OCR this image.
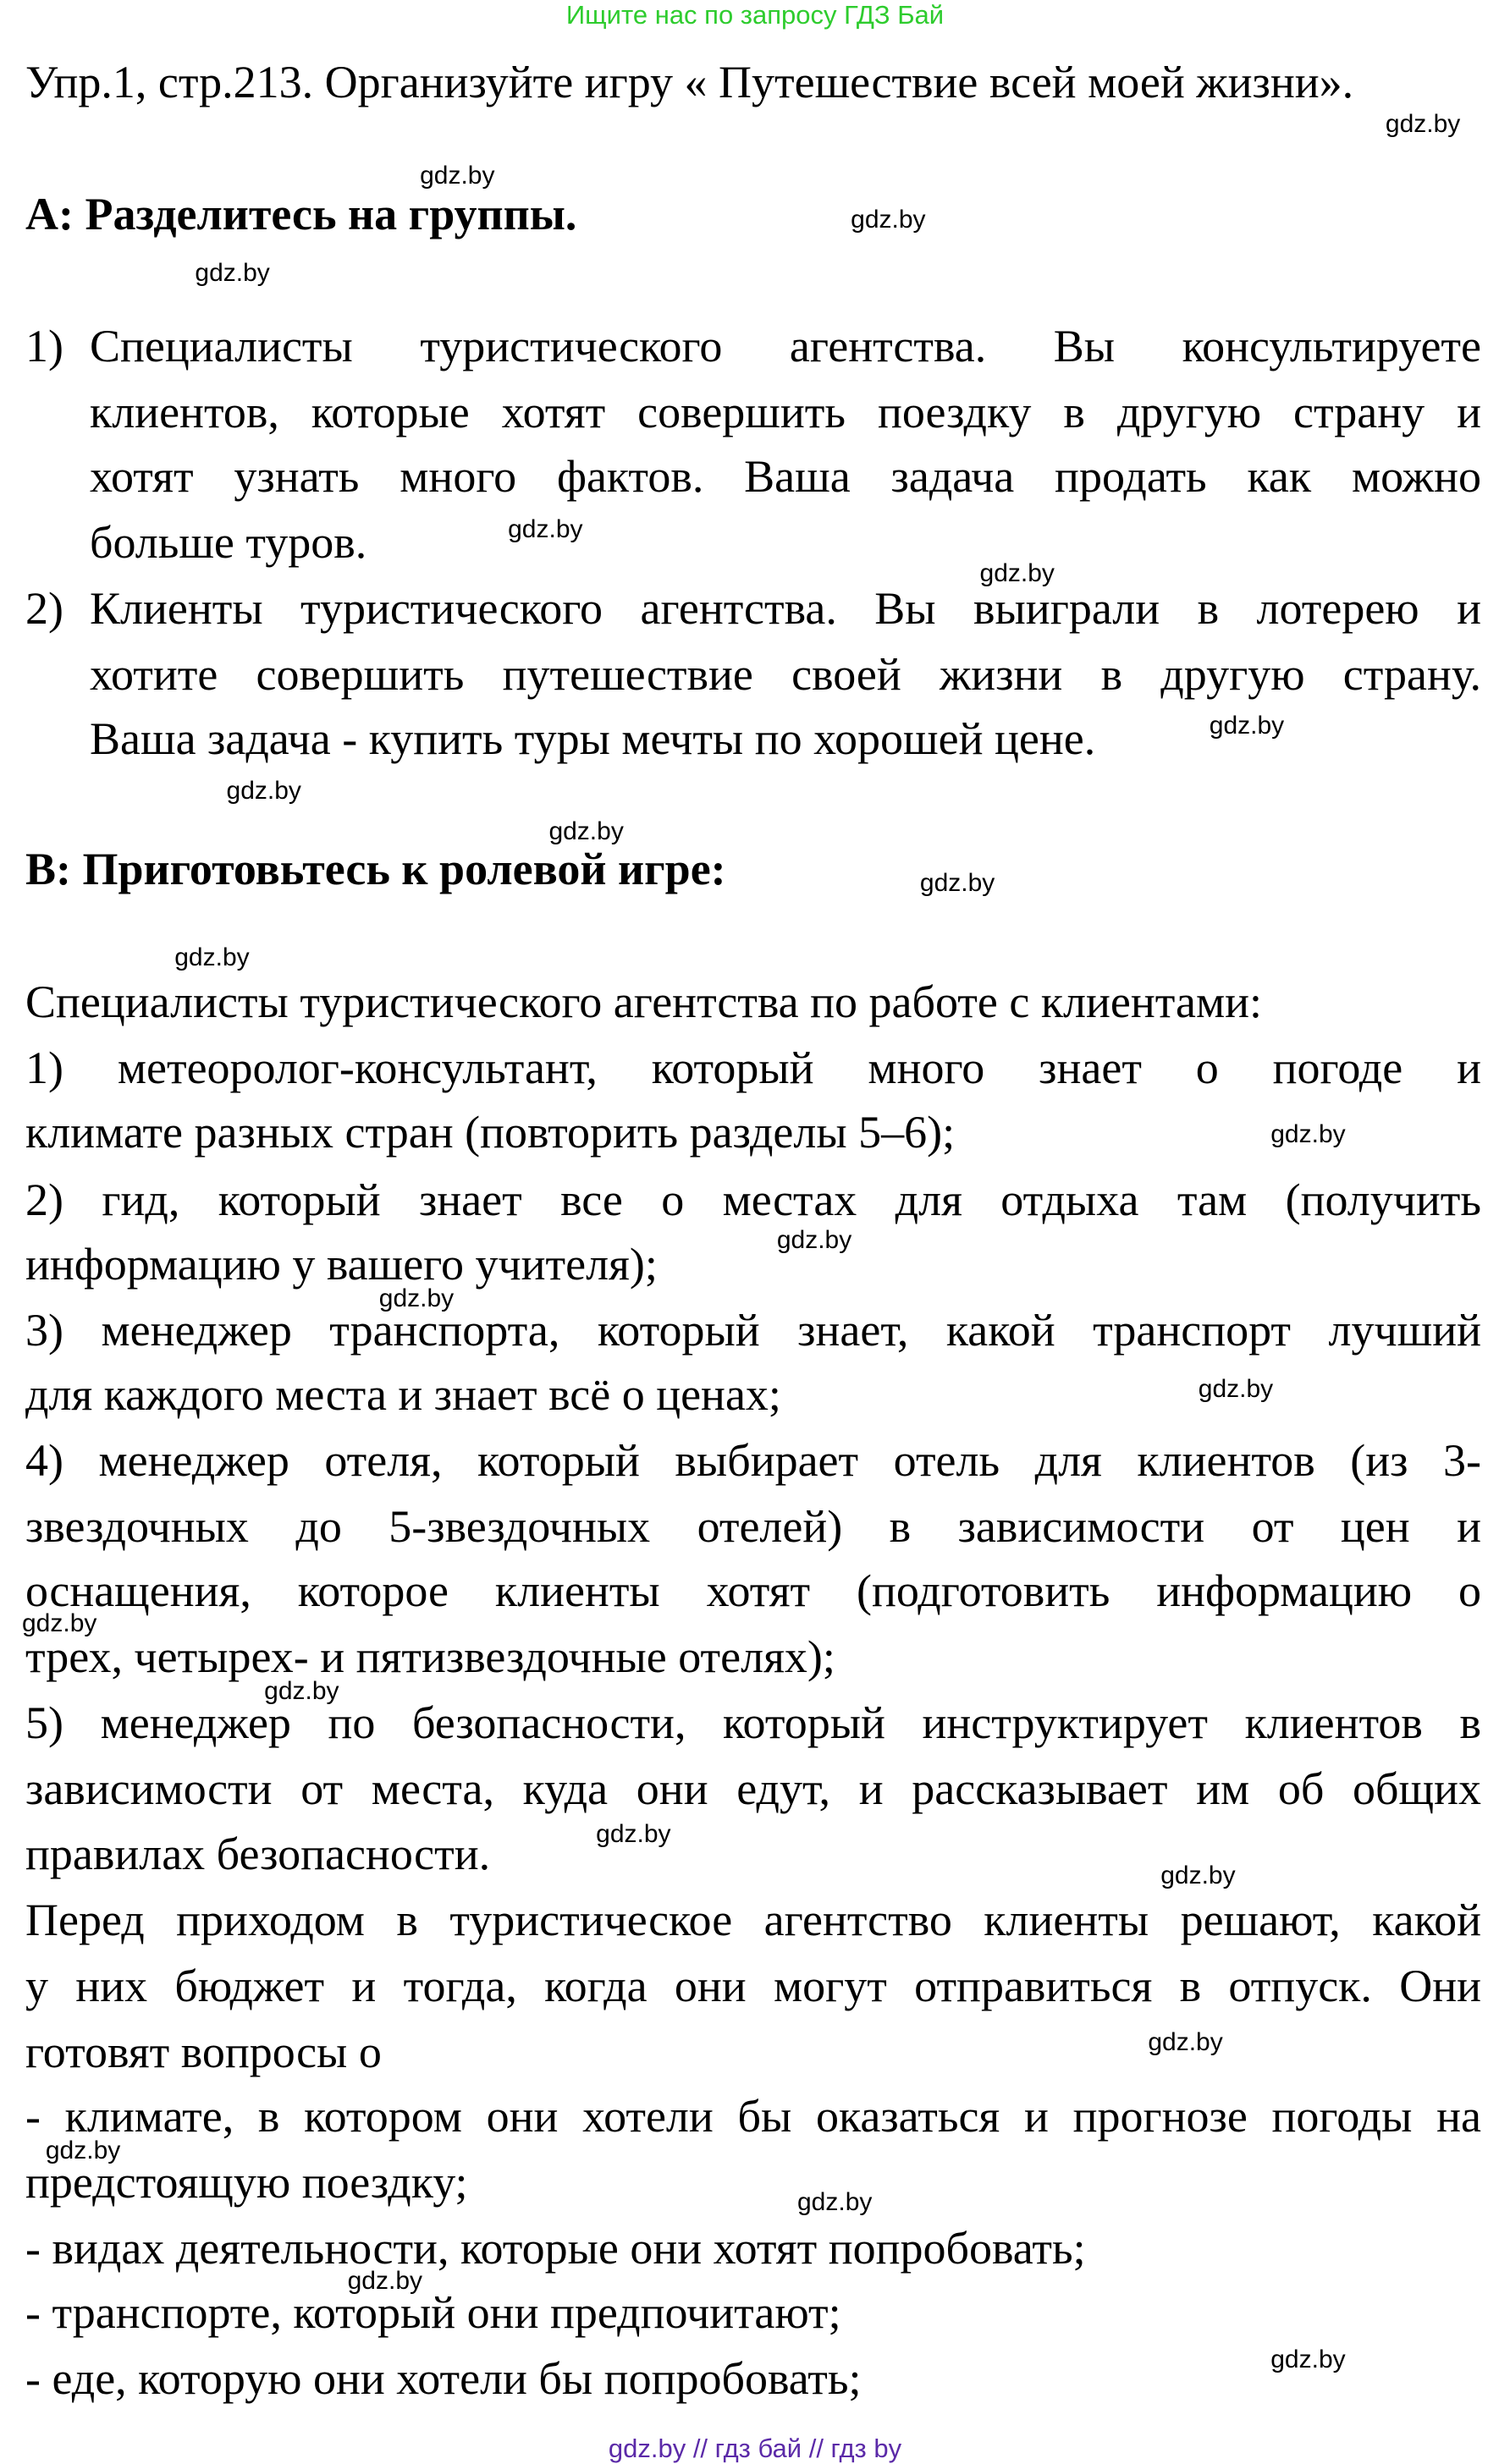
Ищите нас по запросу ГДЗ Бай
Упр.1, стр.213. Организуйте игру « Путешествие всей моей жизни».
A: Разделитесь на группы.
1) Специалисты туристического агентства. Вы консультируете
клиентов, которые хотят совершить поездку в другую страну и
хотят узнать много фактов. Ваша задача продать как можно
больше туров.
2) Клиенты туристического агентства. Вы выиграли в лотерею и
хотите совершить путешествие своей жизни в другую страну.
Ваша задача - купить туры мечты по хорошей цене.
B: Приготовьтесь к ролевой игре:
Специалисты туристического агентства по работе с клиентами:
1) метеоролог-консультант, который много знает о погоде и
климате разных стран (повторить разделы 5–6);
2) гид, который знает все о местах для отдыха там (получить
информацию у вашего учителя);
3) менеджер транспорта, который знает, какой транспорт лучший
для каждого места и знает всё о ценах;
4) менеджер отеля, который выбирает отель для клиентов (из 3-
звездочных до 5-звездочных отелей) в зависимости от цен и
оснащения, которое клиенты хотят (подготовить информацию о
трех, четырех- и пятизвездочные отелях);
5) менеджер по безопасности, который инструктирует клиентов в
зависимости от места, куда они едут, и рассказывает им об общих
правилах безопасности.
Перед приходом в туристическое агентство клиенты решают, какой
у них бюджет и тогда, когда они могут отправиться в отпуск. Они
готовят вопросы о
- климате, в котором они хотели бы оказаться и прогнозе погоды на
предстоящую поездку;
- видах деятельности, которые они хотят попробовать;
- транспорте, который они предпочитают;
- еде, которую они хотели бы попробовать;
gdz.by
gdz.by
gdz.by
gdz.by
gdz.by
gdz.by
gdz.by
gdz.by
gdz.by
gdz.by
gdz.by
gdz.by
gdz.by
gdz.by
gdz.by
gdz.by
gdz.by
gdz.by
gdz.by
gdz.by
gdz.by
gdz.by
gdz.by
gdz.by
gdz.by // гдз бай // гдз by
